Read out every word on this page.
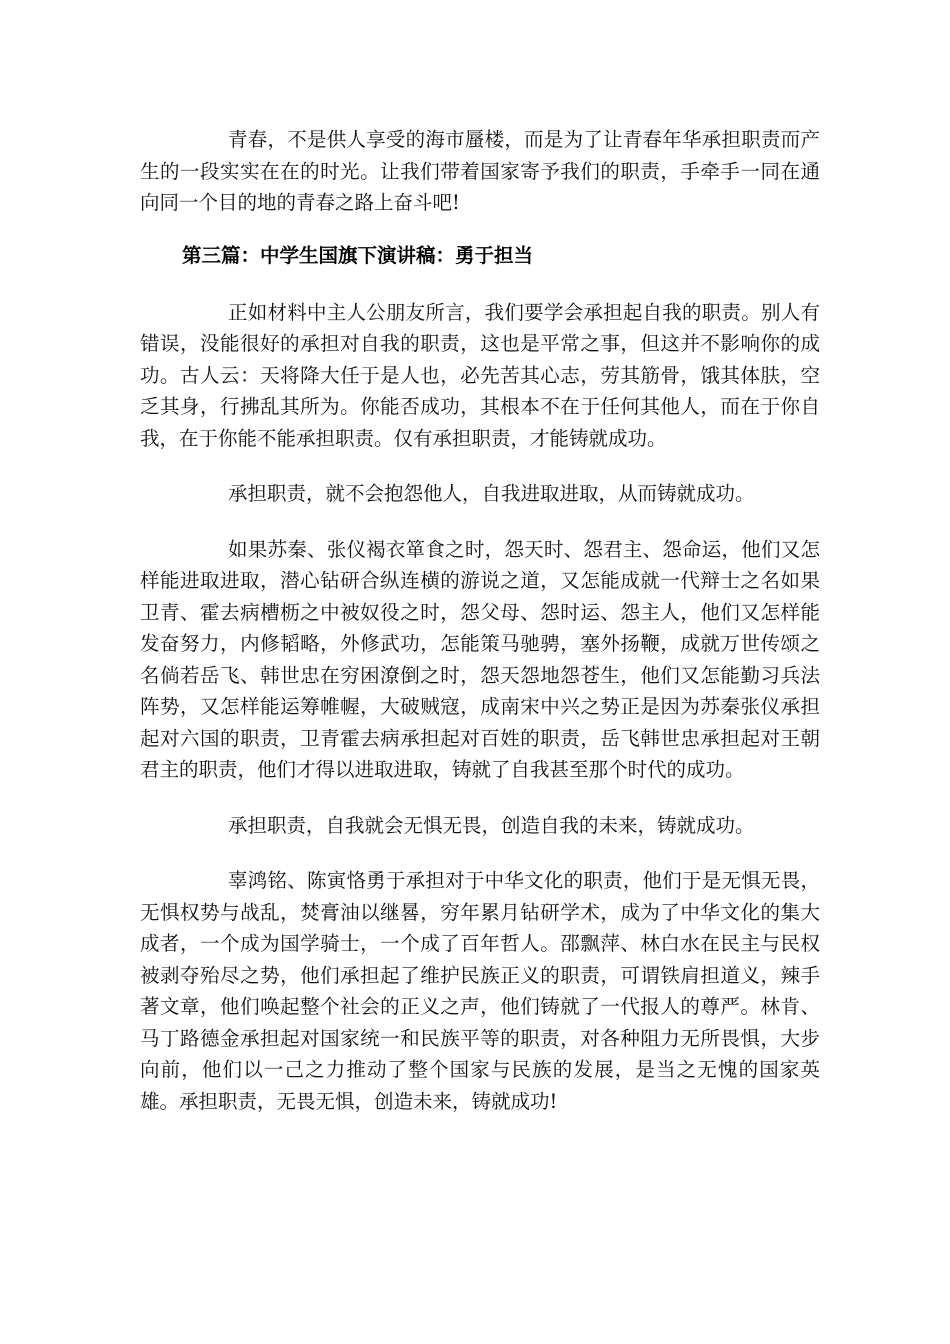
青春，不是供人享受的海市蜃楼，而是为了让青春年华承担职责而产生的一段实实在在的时光。让我们带着国家寄予我们的职责，手牵手一同在通向同一个目的地的青春之路上奋斗吧!

第三篇：中学生国旗下演讲稿：勇于担当

正如材料中主人公朋友所言，我们要学会承担起自我的职责。别人有错误，没能很好的承担对自我的职责，这也是平常之事，但这并不影响你的成功。古人云：天将降大任于是人也，必先苦其心志，劳其筋骨，饿其体肤，空乏其身，行拂乱其所为。你能否成功，其根本不在于任何其他人，而在于你自我，在于你能不能承担职责。仅有承担职责，才能铸就成功。

承担职责，就不会抱怨他人，自我进取进取，从而铸就成功。

如果苏秦、张仪褐衣箪食之时，怨天时、怨君主、怨命运，他们又怎样能进取进取，潜心钻研合纵连横的游说之道，又怎能成就一代辩士之名如果卫青、霍去病槽枥之中被奴役之时，怨父母、怨时运、怨主人，他们又怎样能发奋努力，内修韬略，外修武功，怎能策马驰骋，塞外扬鞭，成就万世传颂之名倘若岳飞、韩世忠在穷困潦倒之时，怨天怨地怨苍生，他们又怎能勤习兵法阵势，又怎样能运筹帷幄，大破贼寇，成南宋中兴之势正是因为苏秦张仪承担起对六国的职责，卫青霍去病承担起对百姓的职责，岳飞韩世忠承担起对王朝君主的职责，他们才得以进取进取，铸就了自我甚至那个时代的成功。

承担职责，自我就会无惧无畏，创造自我的未来，铸就成功。

辜鸿铭、陈寅恪勇于承担对于中华文化的职责，他们于是无惧无畏，无惧权势与战乱，焚膏油以继晷，穷年累月钻研学术，成为了中华文化的集大成者，一个成为国学骑士，一个成了百年哲人。邵飘萍、林白水在民主与民权被剥夺殆尽之势，他们承担起了维护民族正义的职责，可谓铁肩担道义，辣手著文章，他们唤起整个社会的正义之声，他们铸就了一代报人的尊严。林肯、马丁路德金承担起对国家统一和民族平等的职责，对各种阻力无所畏惧，大步向前，他们以一己之力推动了整个国家与民族的发展，是当之无愧的国家英雄。承担职责，无畏无惧，创造未来，铸就成功!
